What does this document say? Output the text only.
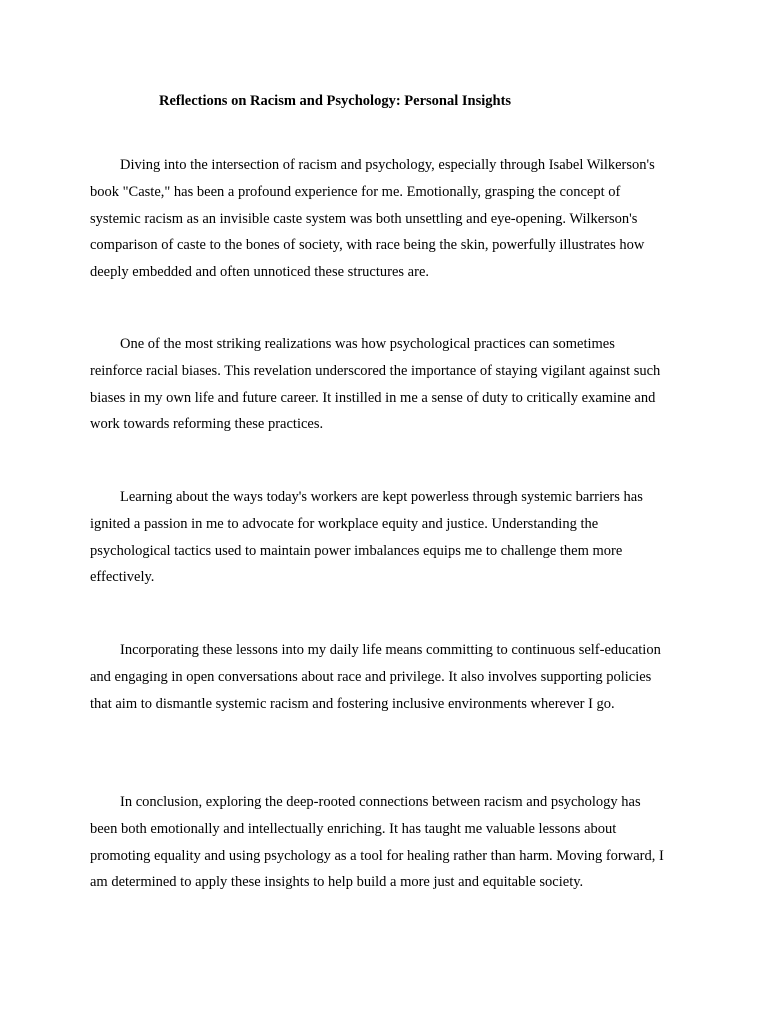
Reflections on Racism and Psychology: Personal Insights

Diving into the intersection of racism and psychology, especially through Isabel Wilkerson's book "Caste," has been a profound experience for me. Emotionally, grasping the concept of systemic racism as an invisible caste system was both unsettling and eye-opening. Wilkerson's comparison of caste to the bones of society, with race being the skin, powerfully illustrates how deeply embedded and often unnoticed these structures are.

One of the most striking realizations was how psychological practices can sometimes reinforce racial biases. This revelation underscored the importance of staying vigilant against such biases in my own life and future career. It instilled in me a sense of duty to critically examine and work towards reforming these practices.

Learning about the ways today's workers are kept powerless through systemic barriers has ignited a passion in me to advocate for workplace equity and justice. Understanding the psychological tactics used to maintain power imbalances equips me to challenge them more effectively.

Incorporating these lessons into my daily life means committing to continuous self-education and engaging in open conversations about race and privilege. It also involves supporting policies that aim to dismantle systemic racism and fostering inclusive environments wherever I go.

In conclusion, exploring the deep-rooted connections between racism and psychology has been both emotionally and intellectually enriching. It has taught me valuable lessons about promoting equality and using psychology as a tool for healing rather than harm. Moving forward, I am determined to apply these insights to help build a more just and equitable society.
